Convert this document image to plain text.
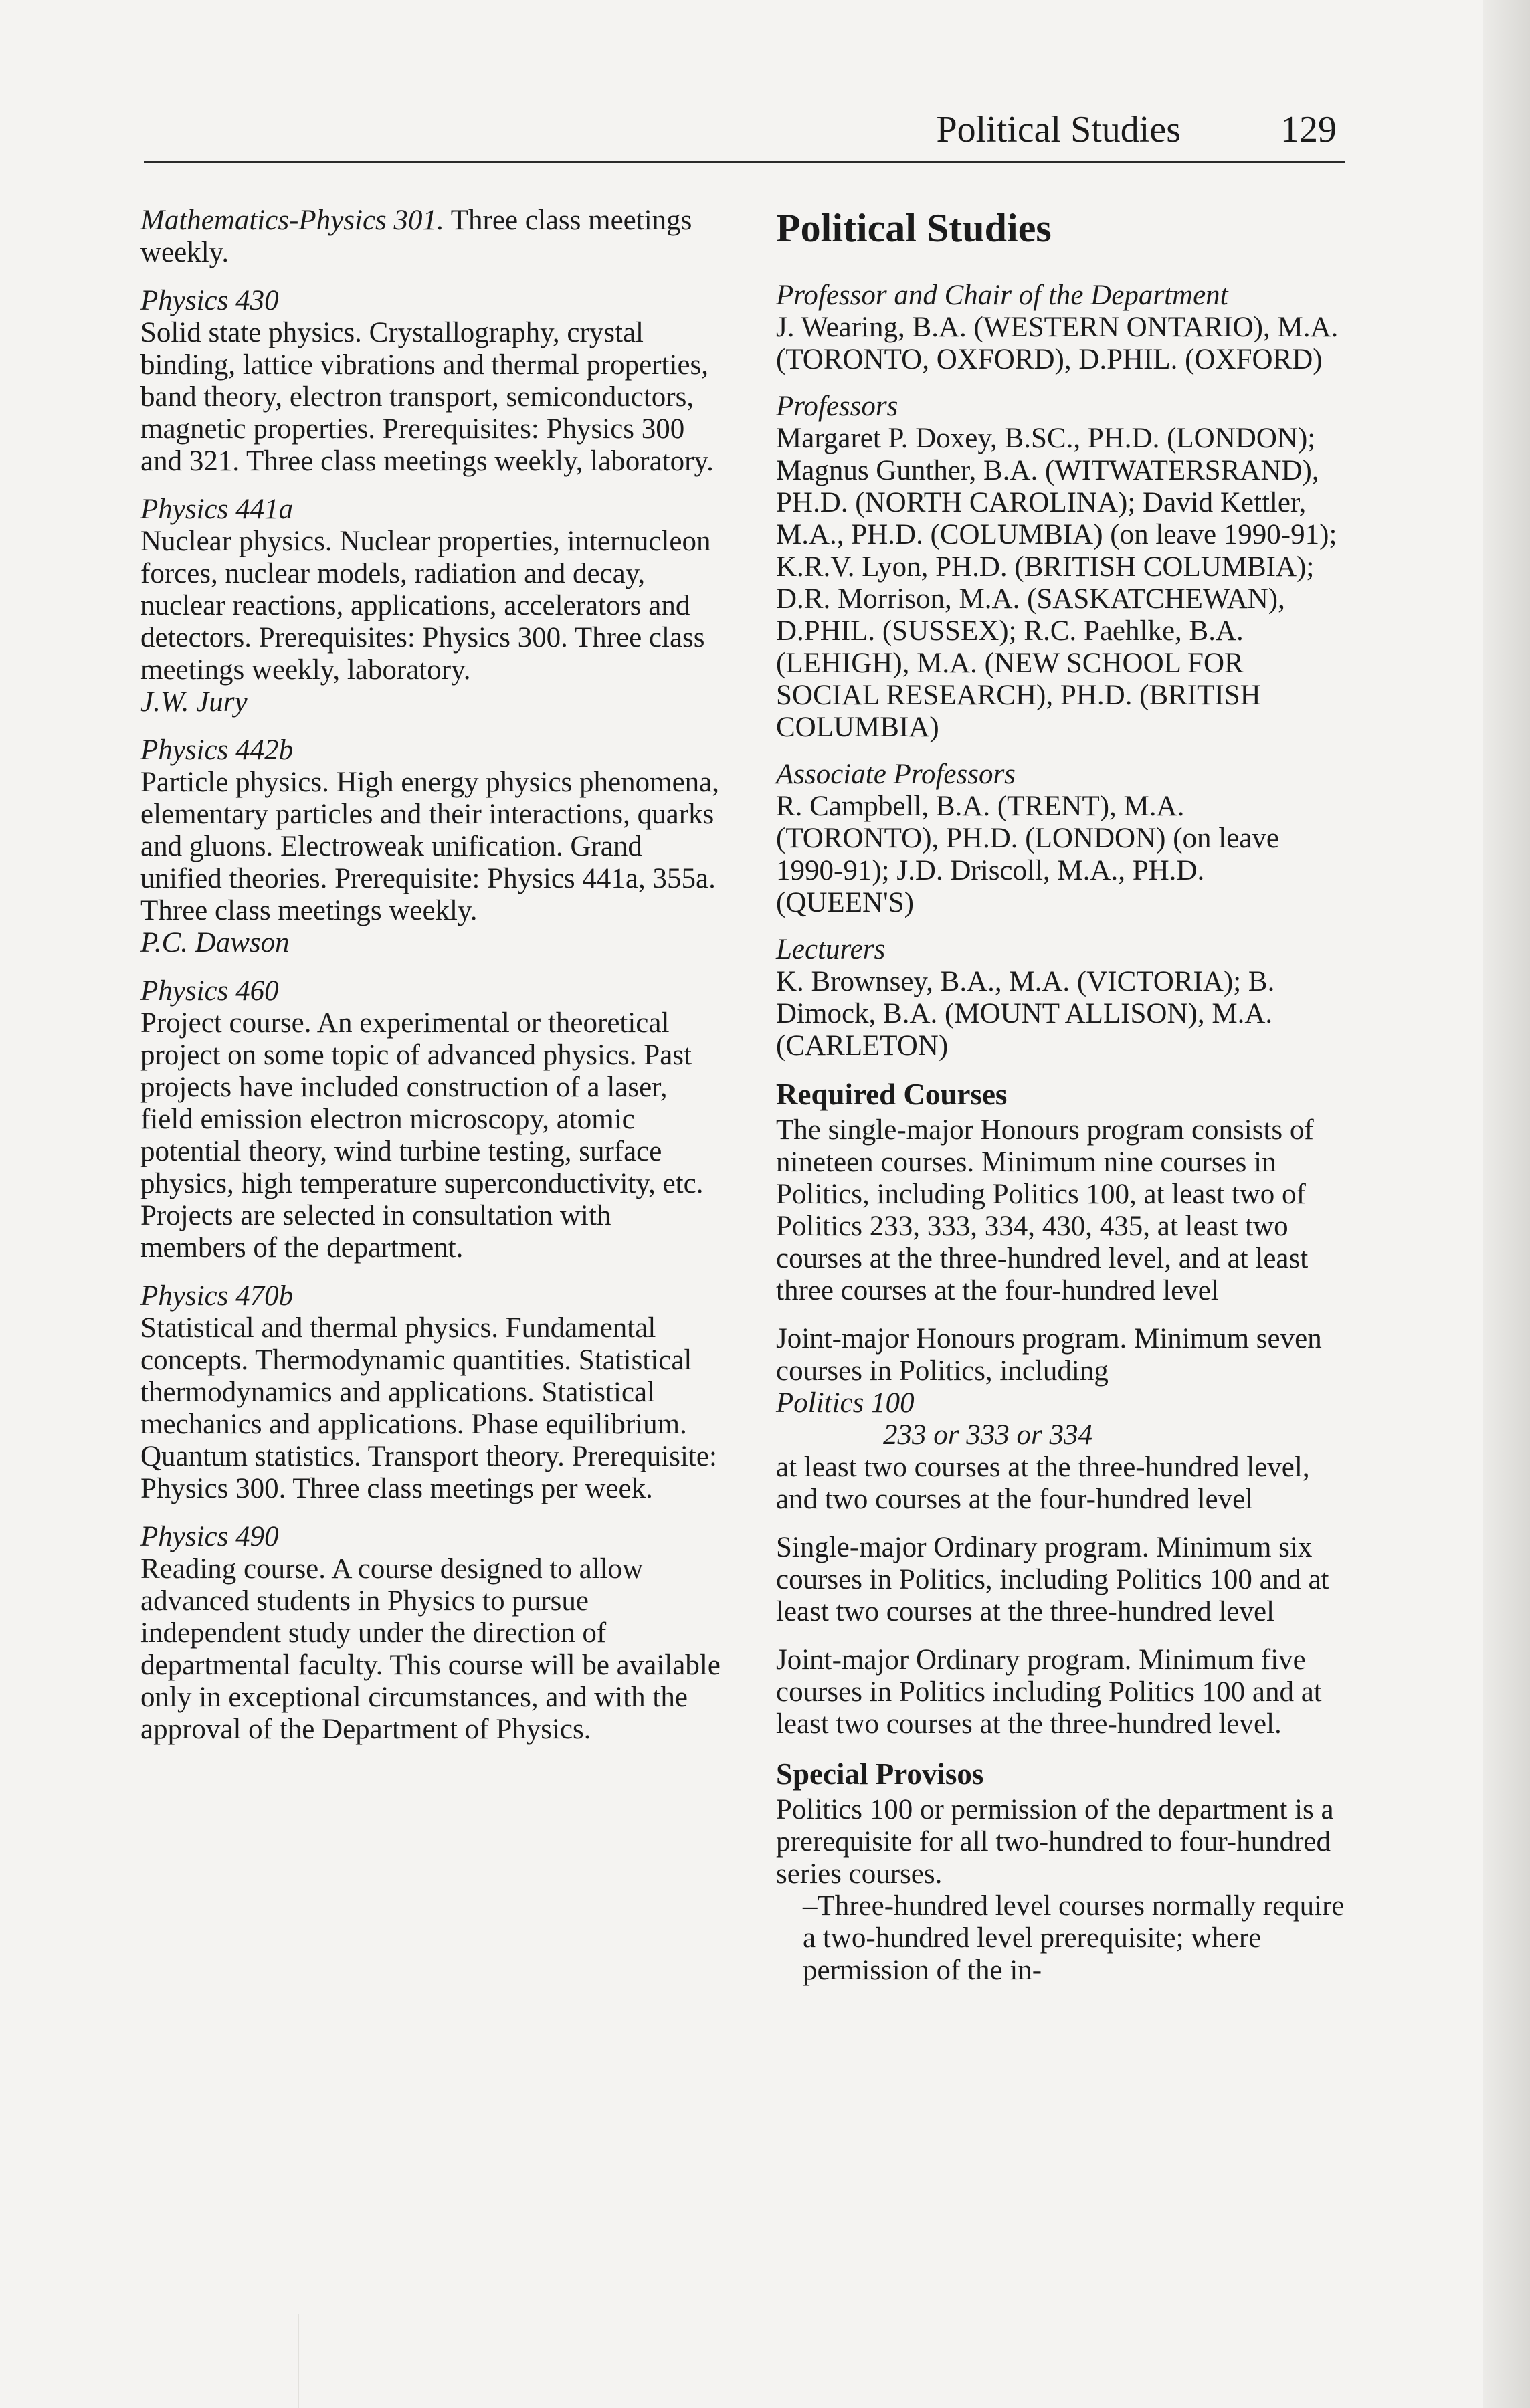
Political Studies	129
Mathematics-Physics 301. Three class meetings weekly.
Physics 430
Solid state physics. Crystallography, crystal binding, lattice vibrations and thermal properties, band theory, electron transport, semiconductors, magnetic properties. Prerequisites: Physics 300 and 321. Three class meetings weekly, laboratory.
Physics 441a
Nuclear physics. Nuclear properties, internucleon forces, nuclear models, radiation and decay, nuclear reactions, applications, accelerators and detectors. Prerequisites: Physics 300. Three class meetings weekly, laboratory.
J.W. Jury
Physics 442b
Particle physics. High energy physics phenomena, elementary particles and their interactions, quarks and gluons. Electroweak unification. Grand unified theories. Prerequisite: Physics 441a, 355a. Three class meetings weekly.
P.C. Dawson
Physics 460
Project course. An experimental or theoretical project on some topic of advanced physics. Past projects have included construction of a laser, field emission electron microscopy, atomic potential theory, wind turbine testing, surface physics, high temperature superconductivity, etc. Projects are selected in consultation with members of the department.
Physics 470b
Statistical and thermal physics. Fundamental concepts. Thermodynamic quantities. Statistical thermodynamics and applications. Statistical mechanics and applications. Phase equilibrium. Quantum statistics. Transport theory. Prerequisite: Physics 300. Three class meetings per week.
Physics 490
Reading course. A course designed to allow advanced students in Physics to pursue independent study under the direction of departmental faculty. This course will be available only in exceptional circumstances, and with the approval of the Department of Physics.
Political Studies
Professor and Chair of the Department
J. Wearing, B.A. (WESTERN ONTARIO), M.A. (TORONTO, OXFORD), D.PHIL. (OXFORD)
Professors
Margaret P. Doxey, B.SC., PH.D. (LONDON); Magnus Gunther, B.A. (WITWATERSRAND), PH.D. (NORTH CAROLINA); David Kettler, M.A., PH.D. (COLUMBIA) (on leave 1990-91); K.R.V. Lyon, PH.D. (BRITISH COLUMBIA); D.R. Morrison, M.A. (SASKATCHEWAN), D.PHIL. (SUSSEX); R.C. Paehlke, B.A. (LEHIGH), M.A. (NEW SCHOOL FOR SOCIAL RESEARCH), PH.D. (BRITISH COLUMBIA)
Associate Professors
R. Campbell, B.A. (TRENT), M.A. (TORONTO), PH.D. (LONDON) (on leave 1990-91); J.D. Driscoll, M.A., PH.D. (QUEEN'S)
Lecturers
K. Brownsey, B.A., M.A. (VICTORIA); B. Dimock, B.A. (MOUNT ALLISON), M.A. (CARLETON)
Required Courses
The single-major Honours program consists of nineteen courses. Minimum nine courses in Politics, including Politics 100, at least two of Politics 233, 333, 334, 430, 435, at least two courses at the three-hundred level, and at least three courses at the four-hundred level
Joint-major Honours program. Minimum seven courses in Politics, including
Politics 100
233 or 333 or 334
at least two courses at the three-hundred level, and two courses at the four-hundred level
Single-major Ordinary program. Minimum six courses in Politics, including Politics 100 and at least two courses at the three-hundred level
Joint-major Ordinary program. Minimum five courses in Politics including Politics 100 and at least two courses at the three-hundred level.
Special Provisos
Politics 100 or permission of the department is a prerequisite for all two-hundred to four-hundred series courses.
–Three-hundred level courses normally require a two-hundred level prerequisite; where permission of the in-
